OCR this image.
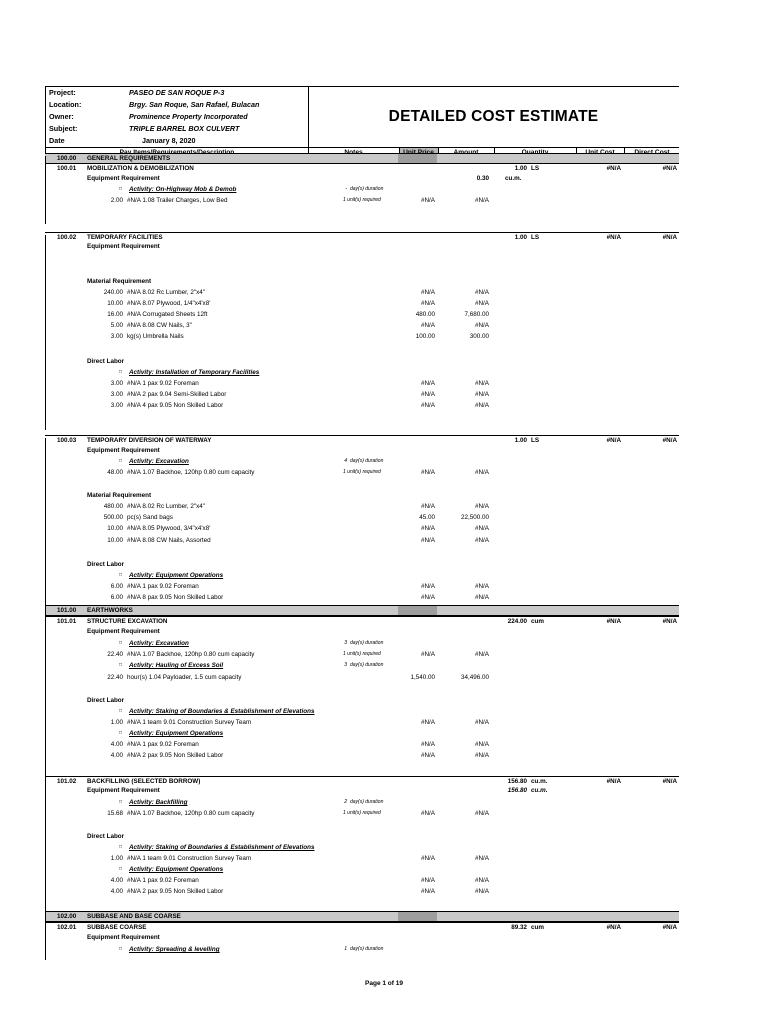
Project:	PASEO DE SAN ROQUE P-3
Location:	Brgy. San Roque, San Rafael, Bulacan
Owner:	Prominence Property Incorporated
Subject:	TRIPLE BARREL BOX CULVERT
Date	January 8, 2020
DETAILED COST ESTIMATE
100.00 GENERAL REQUIREMENTS
100.01 MOBILIZATION & DEMOBILIZATION	1.00 LS	#N/A	#N/A
Equipment Requirement	0.30	cu.m.
□ Activity: On-Highway Mob & Demob	- day(s) duration
2.00 #N/A 1.08 Trailer Charges, Low Bed	1 unit(s) required	#N/A	#N/A
100.02 TEMPORARY FACILITIES	1.00 LS	#N/A	#N/A
Equipment Requirement
Material Requirement
240.00 #N/A 8.02 Rc Lumber, 2"x4"	#N/A	#N/A
10.00 #N/A 8.07 Plywood, 1/4"x4'x8'	#N/A	#N/A
16.00 #N/A Corrugated Sheets 12ft	480.00	7,680.00
5.00 #N/A 8.08 CW Nails, 3"	#N/A	#N/A
3.00 kg(s) Umbrella Nails	100.00	300.00
Direct Labor
□ Activity: Installation of Temporary Facilities
3.00 #N/A 1 pax 9.02 Foreman	#N/A	#N/A
3.00 #N/A 2 pax 9.04 Semi-Skilled Labor	#N/A	#N/A
3.00 #N/A 4 pax 9.05 Non Skilled Labor	#N/A	#N/A
100.03 TEMPORARY DIVERSION OF WATERWAY	1.00 LS	#N/A	#N/A
Equipment Requirement
□ Activity: Excavation	4 day(s) duration
48.00 #N/A 1.07 Backhoe, 120hp 0.80 cum capacity	1 unit(s) required	#N/A	#N/A
Material Requirement
480.00 #N/A 8.02 Rc Lumber, 2"x4"	#N/A	#N/A
500.00 pc(s) Sand bags	45.00	22,500.00
10.00 #N/A 8.05 Plywood, 3/4"x4'x8'	#N/A	#N/A
10.00 #N/A 8.08 CW Nails, Assorted	#N/A	#N/A
Direct Labor
□ Activity: Equipment Operations
6.00 #N/A 1 pax 9.02 Foreman	#N/A	#N/A
6.00 #N/A 8 pax 9.05 Non Skilled Labor	#N/A	#N/A
101.00 EARTHWORKS
101.01 STRUCTURE EXCAVATION	224.00 cum	#N/A	#N/A
Equipment Requirement
□ Activity: Excavation	3 day(s) duration
22.40 #N/A 1.07 Backhoe, 120hp 0.80 cum capacity	1 unit(s) required	#N/A	#N/A
□ Activity: Hauling of Excess Soil	3 day(s) duration
22.40 hour(s) 1.04 Payloader, 1.5 cum capacity	1,540.00	34,496.00
Direct Labor
□ Activity: Staking of Boundaries & Establishment of Elevations
1.00 #N/A 1 team 9.01 Construction Survey Team	#N/A	#N/A
□ Activity: Equipment Operations
4.00 #N/A 1 pax 9.02 Foreman	#N/A	#N/A
4.00 #N/A 2 pax 9.05 Non Skilled Labor	#N/A	#N/A
101.02 BACKFILLING (SELECTED BORROW)	156.80 cu.m.	#N/A	#N/A
Equipment Requirement	156.80 cu.m.
□ Activity: Backfilling	2 day(s) duration
15.68 #N/A 1.07 Backhoe, 120hp 0.80 cum capacity	1 unit(s) required	#N/A	#N/A
Direct Labor
□ Activity: Staking of Boundaries & Establishment of Elevations
1.00 #N/A 1 team 9.01 Construction Survey Team	#N/A	#N/A
□ Activity: Equipment Operations
4.00 #N/A 1 pax 9.02 Foreman	#N/A	#N/A
4.00 #N/A 2 pax 9.05 Non Skilled Labor	#N/A	#N/A
102.00 SUBBASE AND BASE COARSE
102.01 SUBBASE COARSE	89.32 cum	#N/A	#N/A
Equipment Requirement
□ Activity: Spreading & levelling	1 day(s) duration
Page 1 of 19
